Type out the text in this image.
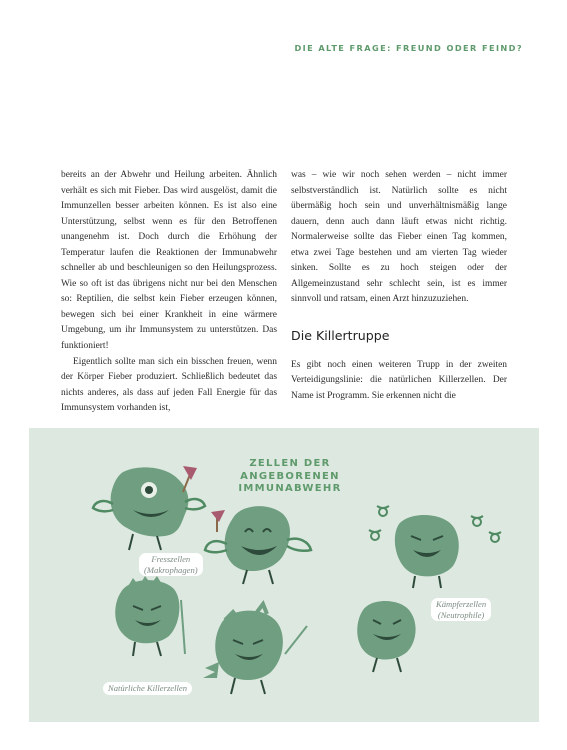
DIE ALTE FRAGE: FREUND ODER FEIND?

bereits an der Abwehr und Heilung arbeiten. Ähnlich verhält es sich mit Fieber. Das wird ausgelöst, damit die Immunzellen besser arbeiten können. Es ist also eine Unterstützung, selbst wenn es für den Betroffenen unangenehm ist. Doch durch die Erhöhung der Temperatur laufen die Reaktionen der Immunabwehr schneller ab und beschleunigen so den Heilungsprozess. Wie so oft ist das übrigens nicht nur bei den Menschen so: Reptilien, die selbst kein Fieber erzeugen können, bewegen sich bei einer Krankheit in eine wärmere Umgebung, um ihr Immunsystem zu unterstützen. Das funktioniert!

Eigentlich sollte man sich ein bisschen freuen, wenn der Körper Fieber produziert. Schließlich bedeutet das nichts anderes, als dass auf jeden Fall Energie für das Immunsystem vorhanden ist,

was – wie wir noch sehen werden – nicht immer selbstverständlich ist. Natürlich sollte es nicht übermäßig hoch sein und unverhältnismäßig lange dauern, denn auch dann läuft etwas nicht richtig. Normalerweise sollte das Fieber einen Tag kommen, etwa zwei Tage bestehen und am vierten Tag wieder sinken. Sollte es zu hoch steigen oder der Allgemeinzustand sehr schlecht sein, ist es immer sinnvoll und ratsam, einen Arzt hinzuzuziehen.

Die Killertruppe

Es gibt noch einen weiteren Trupp in der zweiten Verteidigungslinie: die natürlichen Killerzellen. Der Name ist Programm. Sie erkennen nicht die

ZELLEN DER ANGEBORENEN
IMMUNABWEHR
Fresszellen
(Makrophagen)
Natürliche Killerzellen
Kämpferzellen
(Neutrophile)
